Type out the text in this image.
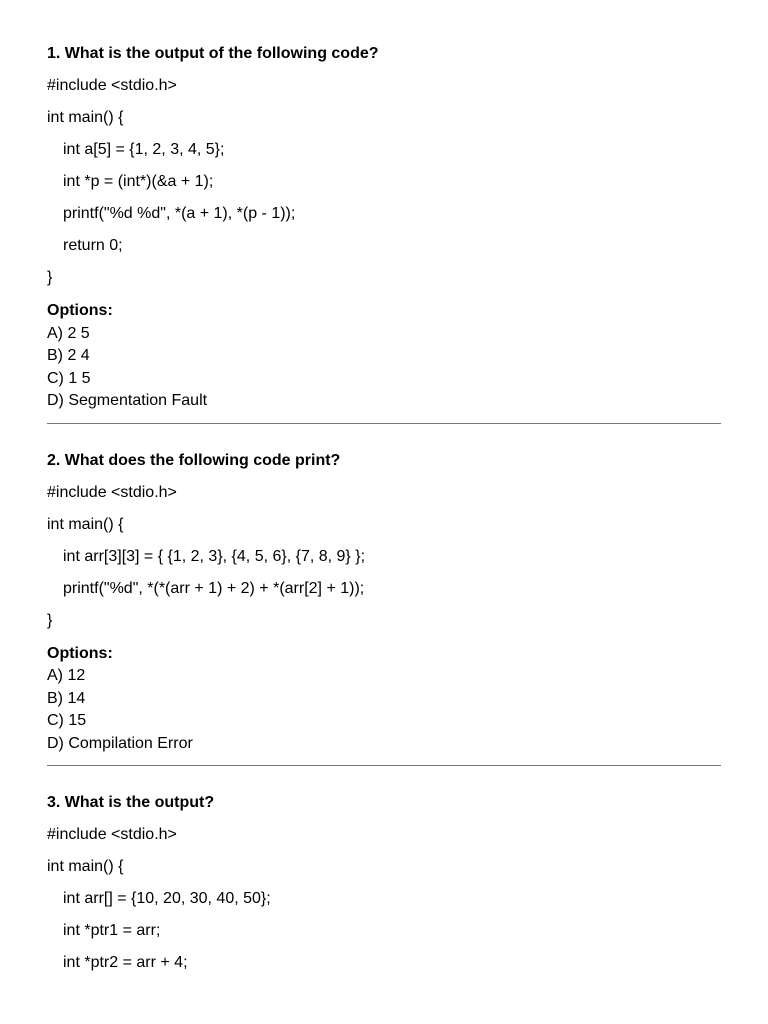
1. What is the output of the following code?
#include <stdio.h>
int main() {
int a[5] = {1, 2, 3, 4, 5};
int *p = (int*)(&a + 1);
printf("%d %d", *(a + 1), *(p - 1));
return 0;
}
Options:
A) 2 5
B) 2 4
C) 1 5
D) Segmentation Fault
2. What does the following code print?
#include <stdio.h>
int main() {
int arr[3][3] = { {1, 2, 3}, {4, 5, 6}, {7, 8, 9} };
printf("%d", *(*(arr + 1) + 2) + *(arr[2] + 1));
}
Options:
A) 12
B) 14
C) 15
D) Compilation Error
3. What is the output?
#include <stdio.h>
int main() {
int arr[] = {10, 20, 30, 40, 50};
int *ptr1 = arr;
int *ptr2 = arr + 4;
